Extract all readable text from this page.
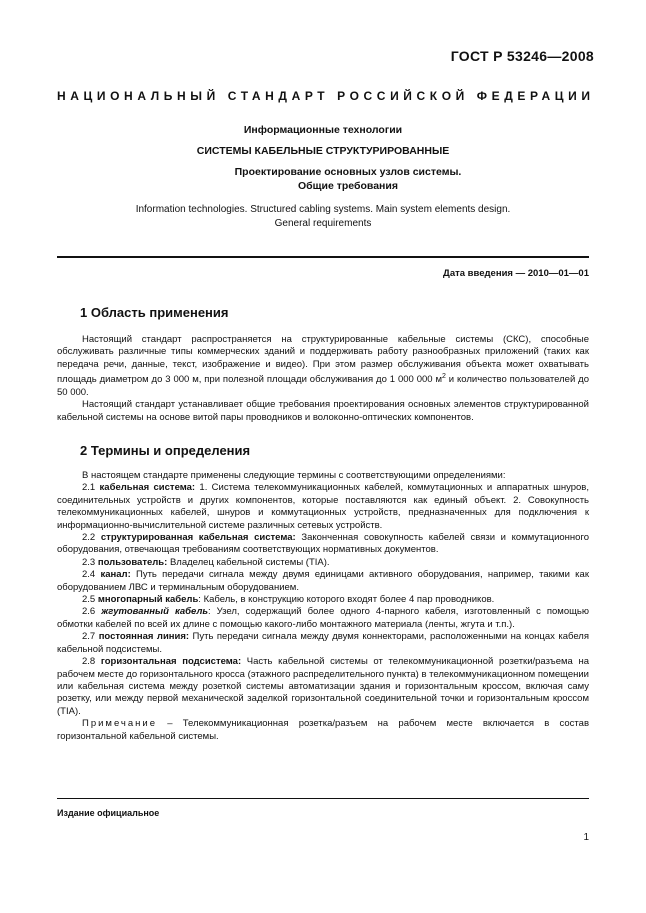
ГОСТ Р 53246—2008
НАЦИОНАЛЬНЫЙ СТАНДАРТ РОССИЙСКОЙ ФЕДЕРАЦИИ
Информационные технологии
СИСТЕМЫ КАБЕЛЬНЫЕ СТРУКТУРИРОВАННЫЕ
Проектирование основных узлов системы.
Общие требования
Information technologies. Structured cabling systems. Main system elements design.
General requirements
Дата введения — 2010—01—01
1 Область применения

Настоящий стандарт распространяется на структурированные кабельные системы (СКС), способные обслуживать различные типы коммерческих зданий и поддерживать работу разнообразных приложений (таких как передача речи, данные, текст, изображение и видео). При этом размер обслуживания объекта может охватывать площадь диаметром до 3 000 м, при полезной площади обслуживания до 1 000 000 $м^2$ и количество пользователей до 50 000.

Настоящий стандарт устанавливает общие требования проектирования основных элементов структурированной кабельной системы на основе витой пары проводников и волоконно-оптических компонентов.

2 Термины и определения

В настоящем стандарте применены следующие термины с соответствующими определениями:

2.1 кабельная система: 1. Система телекоммуникационных кабелей, коммутационных и аппаратных шнуров, соединительных устройств и других компонентов, которые поставляются как единый объект. 2. Совокупность телекоммуникационных кабелей, шнуров и коммутационных устройств, предназначенных для подключения к информационно-вычислительной системе различных сетевых устройств.

2.2 структурированная кабельная система: Законченная совокупность кабелей связи и коммутационного оборудования, отвечающая требованиям соответствующих нормативных документов.

2.3 пользователь: Владелец кабельной системы (TIA).

2.4 канал: Путь передачи сигнала между двумя единицами активного оборудования, например, такими как оборудованием ЛВС и терминальным оборудованием.

2.5 многопарный кабель: Кабель, в конструкцию которого входят более 4 пар проводников.

2.6 жгутованный кабель: Узел, содержащий более одного 4-парного кабеля, изготовленный с помощью обмотки кабелей по всей их длине с помощью какого-либо монтажного материала (ленты, жгута и т.п.).

2.7 постоянная линия: Путь передачи сигнала между двумя коннекторами, расположенными на концах кабеля кабельной подсистемы.

2.8 горизонтальная подсистема: Часть кабельной системы от телекоммуникационной розетки/разъема на рабочем месте до горизонтального кросса (этажного распределительного пункта) в телекоммуникационном помещении или кабельная система между розеткой системы автоматизации здания и горизонтальным кроссом, включая саму розетку, или между первой механической заделкой горизонтальной соединительной точки и горизонтальным кроссом (TIA).

Примечание – Телекоммуникационная розетка/разъем на рабочем месте включается в состав горизонтальной кабельной системы.

Издание официальное
1
